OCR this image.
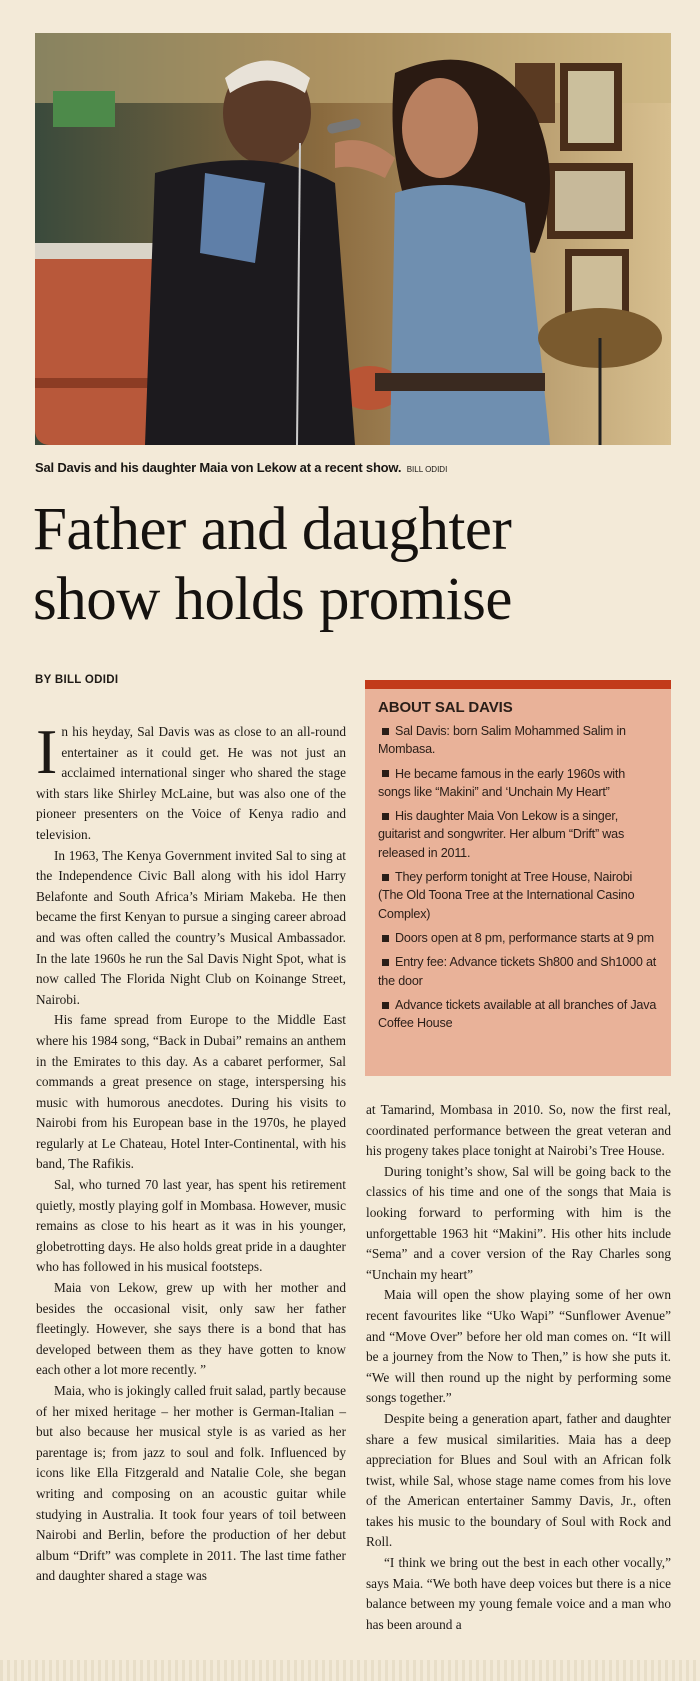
Sal Davis and his daughter Maia von Lekow at a recent show. BILL ODIDI
Father and daughter
show holds promise
BY BILL ODIDI

In his heyday, Sal Davis was as close to an all-round entertainer as it could get. He was not just an acclaimed international singer who shared the stage with stars like Shirley McLaine, but was also one of the pioneer presenters on the Voice of Kenya radio and television.

In 1963, The Kenya Government invited Sal to sing at the Independence Civic Ball along with his idol Harry Belafonte and South Africa’s Miriam Makeba. He then became the first Kenyan to pursue a singing career abroad and was often called the country’s Musical Ambassador. In the late 1960s he run the Sal Davis Night Spot, what is now called The Florida Night Club on Koinange Street, Nairobi.

His fame spread from Europe to the Middle East where his 1984 song, “Back in Dubai” remains an anthem in the Emirates to this day. As a cabaret performer, Sal commands a great presence on stage, interspersing his music with humorous anecdotes. During his visits to Nairobi from his European base in the 1970s, he played regularly at Le Chateau, Hotel Inter-Continental, with his band, The Rafikis.

Sal, who turned 70 last year, has spent his retirement quietly, mostly playing golf in Mombasa. However, music remains as close to his heart as it was in his younger, globetrotting days. He also holds great pride in a daughter who has followed in his musical footsteps.

Maia von Lekow, grew up with her mother and besides the occasional visit, only saw her father fleetingly. However, she says there is a bond that has developed between them as they have gotten to know each other a lot more recently. ”

Maia, who is jokingly called fruit salad, partly because of her mixed heritage – her mother is German-Italian – but also because her musical style is as varied as her parentage is; from jazz to soul and folk. Influenced by icons like Ella Fitzgerald and Natalie Cole, she began writing and composing on an acoustic guitar while studying in Australia. It took four years of toil between Nairobi and Berlin, before the production of her debut album “Drift” was complete in 2011. The last time father and daughter shared a stage was

ABOUT SAL DAVIS
Sal Davis: born Salim Mohammed Salim in Mombasa.
He became famous in the early 1960s with songs like “Makini” and ‘Unchain My Heart”
His daughter Maia Von Lekow is a singer, guitarist and songwriter. Her album “Drift” was released in 2011.
They perform tonight at Tree House, Nairobi (The Old Toona Tree at the International Casino Complex)
Doors open at 8 pm, performance starts at 9 pm
Entry fee: Advance tickets Sh800 and Sh1000 at the door
Advance tickets available at all branches of Java Coffee House

at Tamarind, Mombasa in 2010. So, now the first real, coordinated performance between the great veteran and his progeny takes place tonight at Nairobi’s Tree House.

During tonight’s show, Sal will be going back to the classics of his time and one of the songs that Maia is looking forward to performing with him is the unforgettable 1963 hit “Makini”. His other hits include “Sema” and a cover version of the Ray Charles song “Unchain my heart”

Maia will open the show playing some of her own recent favourites like “Uko Wapi” “Sunflower Avenue” and “Move Over” before her old man comes on. “It will be a journey from the Now to Then,” is how she puts it. “We will then round up the night by performing some songs together.”

Despite being a generation apart, father and daughter share a few musical similarities. Maia has a deep appreciation for Blues and Soul with an African folk twist, while Sal, whose stage name comes from his love of the American entertainer Sammy Davis, Jr., often takes his music to the boundary of Soul with Rock and Roll.

“I think we bring out the best in each other vocally,” says Maia. “We both have deep voices but there is a nice balance between my young female voice and a man who has been around a
